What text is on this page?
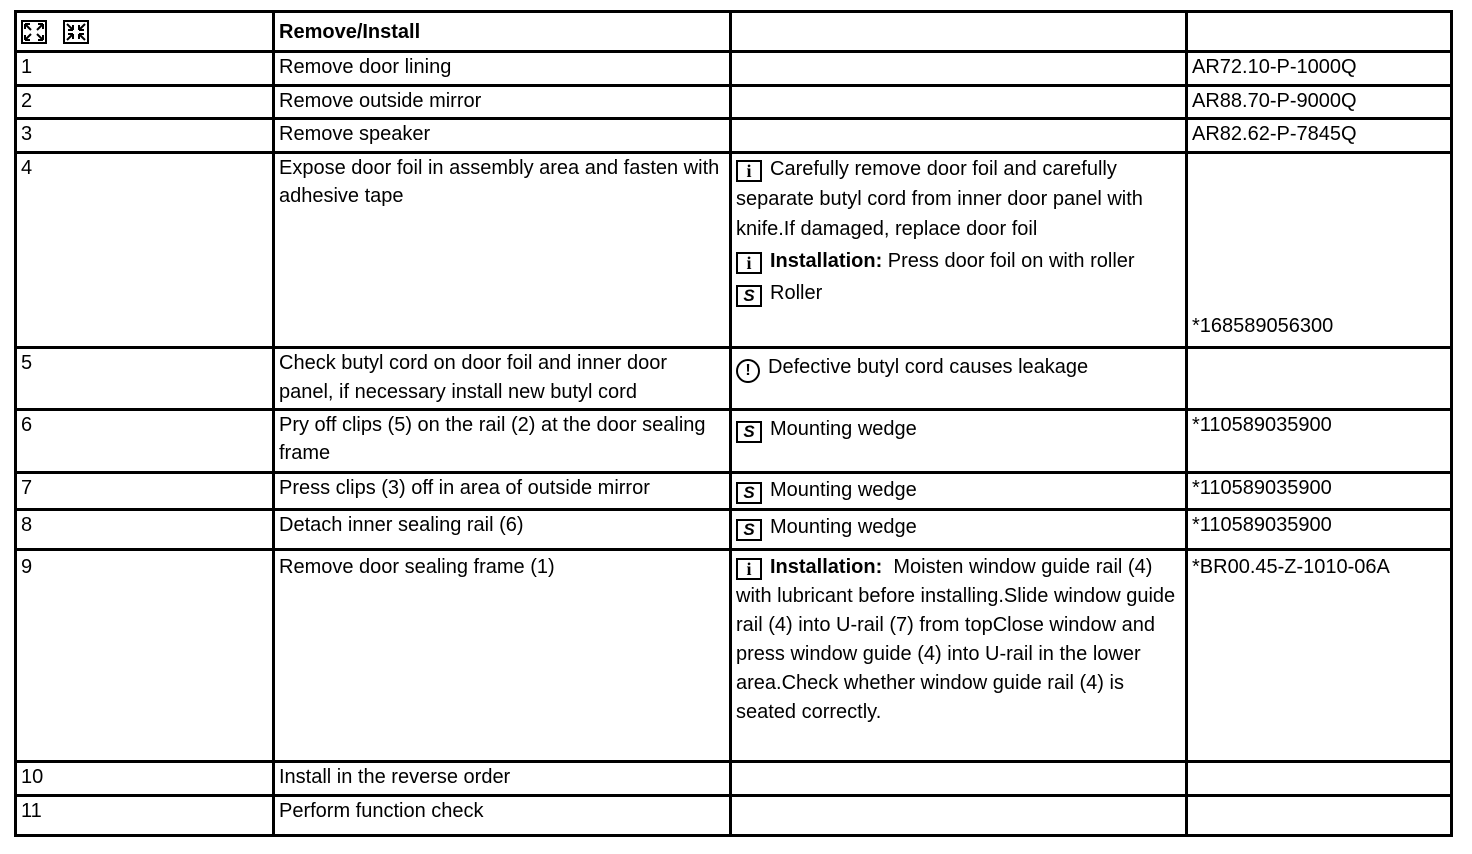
	Remove/Install		
1	Remove door lining		AR72.10-P-1000Q
2	Remove outside mirror		AR88.70-P-9000Q
3	Remove speaker		AR82.62-P-7845Q
4	Expose door foil in assembly area and fasten with adhesive tape	i Carefully remove door foil and carefully separate butyl cord from inner door panel with knife.If damaged, replace door foil
i Installation: Press door foil on with roller
S Roller	*168589056300
5	Check butyl cord on door foil and inner door panel, if necessary install new butyl cord	! Defective butyl cord causes leakage	
6	Pry off clips (5) on the rail (2) at the door sealing frame	S Mounting wedge	*110589035900
7	Press clips (3) off in area of outside mirror	S Mounting wedge	*110589035900
8	Detach inner sealing rail (6)	S Mounting wedge	*110589035900
9	Remove door sealing frame (1)	i Installation: Moisten window guide rail (4) with lubricant before installing.Slide window guide rail (4) into U-rail (7) from topClose window and press window guide (4) into U-rail in the lower area.Check whether window guide rail (4) is seated correctly.	*BR00.45-Z-1010-06A
10	Install in the reverse order		
11	Perform function check		
